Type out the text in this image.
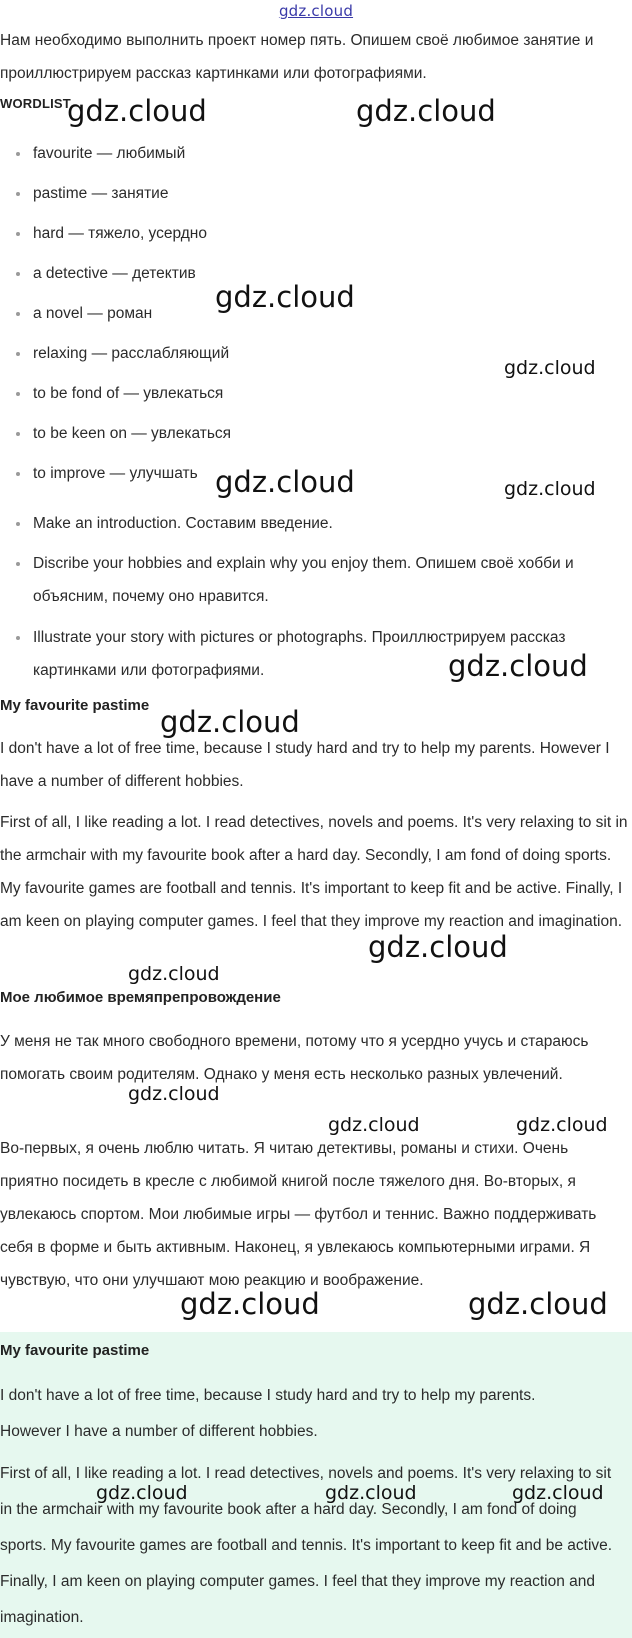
gdz.cloud

Нам необходимо выполнить проект номер пять. Опишем своё любимое занятие и проиллюстрируем рассказ картинками или фотографиями.

WORDLIST
favourite — любимый
pastime — занятие
hard — тяжело, усердно
a detective — детектив
a novel — роман
relaxing — расслабляющий
to be fond of — увлекаться
to be keen on — увлекаться
to improve — улучшать
Make an introduction. Составим введение.
Discribe your hobbies and explain why you enjoy them. Опишем своё хобби и объясним, почему оно нравится.
Illustrate your story with pictures or photographs. Проиллюстрируем рассказ картинками или фотографиями.
My favourite pastime

I don't have a lot of free time, because I study hard and try to help my parents. However I have a number of different hobbies.

First of all, I like reading a lot. I read detectives, novels and poems. It's very relaxing to sit in the armchair with my favourite book after a hard day. Secondly, I am fond of doing sports. My favourite games are football and tennis. It's important to keep fit and be active. Finally, I am keen on playing computer games. I feel that they improve my reaction and imagination.

Мое любимое времяпрепровождение

У меня не так много свободного времени, потому что я усердно учусь и стараюсь помогать своим родителям. Однако у меня есть несколько разных увлечений.

Во-первых, я очень люблю читать. Я читаю детективы, романы и стихи. Очень приятно посидеть в кресле с любимой книгой после тяжелого дня. Во-вторых, я увлекаюсь спортом. Мои любимые игры — футбол и теннис. Важно поддерживать себя в форме и быть активным. Наконец, я увлекаюсь компьютерными играми. Я чувствую, что они улучшают мою реакцию и воображение.

My favourite pastime

I don't have a lot of free time, because I study hard and try to help my parents. However I have a number of different hobbies.

First of all, I like reading a lot. I read detectives, novels and poems. It's very relaxing to sit in the armchair with my favourite book after a hard day. Secondly, I am fond of doing sports. My favourite games are football and tennis. It's important to keep fit and be active. Finally, I am keen on playing computer games. I feel that they improve my reaction and imagination.

gdz.cloud	gdz.cloud
gdz.cloud
gdz.cloud
gdz.cloud	gdz.cloud
gdz.cloud
gdz.cloud
gdz.cloud
gdz.cloud
gdz.cloud
gdz.cloud	gdz.cloud
gdz.cloud	gdz.cloud
gdz.cloud	gdz.cloud	gdz.cloud
